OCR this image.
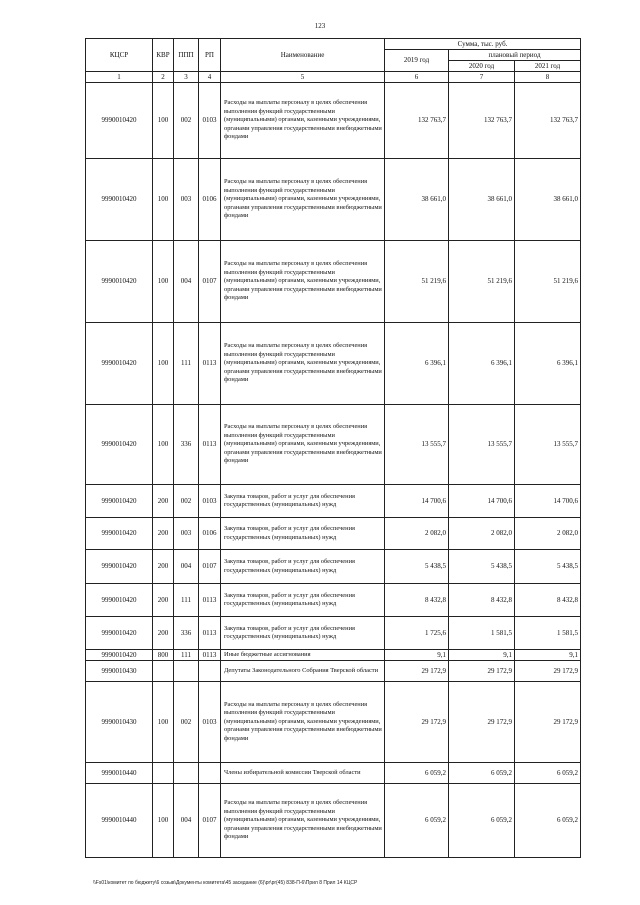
123
КЦСР	КВР	ППП	РП	Наименование	Сумма, тыс. руб.		
					2019 год	плановый период	
						2020 год	2021 год
1	2	3	4	5	6	7	8
9990010420	100	002	0103	Расходы на выплаты персоналу в целях обеспечения выполнения функций государственными (муниципальными) органами, казенными учреждениями, органами управления государственными внебюджетными фондами	132 763,7	132 763,7	132 763,7
9990010420	100	003	0106	Расходы на выплаты персоналу в целях обеспечения выполнения функций государственными (муниципальными) органами, казенными учреждениями, органами управления государственными внебюджетными фондами	38 661,0	38 661,0	38 661,0
9990010420	100	004	0107	Расходы на выплаты персоналу в целях обеспечения выполнения функций государственными (муниципальными) органами, казенными учреждениями, органами управления государственными внебюджетными фондами	51 219,6	51 219,6	51 219,6
9990010420	100	111	0113	Расходы на выплаты персоналу в целях обеспечения выполнения функций государственными (муниципальными) органами, казенными учреждениями, органами управления государственными внебюджетными фондами	6 396,1	6 396,1	6 396,1
9990010420	100	336	0113	Расходы на выплаты персоналу в целях обеспечения выполнения функций государственными (муниципальными) органами, казенными учреждениями, органами управления государственными внебюджетными фондами	13 555,7	13 555,7	13 555,7
9990010420	200	002	0103	Закупка товаров, работ и услуг для обеспечения государственных (муниципальных) нужд	14 700,6	14 700,6	14 700,6
9990010420	200	003	0106	Закупка товаров, работ и услуг для обеспечения государственных (муниципальных) нужд	2 082,0	2 082,0	2 082,0
9990010420	200	004	0107	Закупка товаров, работ и услуг для обеспечения государственных (муниципальных) нужд	5 438,5	5 438,5	5 438,5
9990010420	200	111	0113	Закупка товаров, работ и услуг для обеспечения государственных (муниципальных) нужд	8 432,8	8 432,8	8 432,8
9990010420	200	336	0113	Закупка товаров, работ и услуг для обеспечения государственных (муниципальных) нужд	1 725,6	1 581,5	1 581,5
9990010420	800	111	0113	Иные бюджетные ассигнования	9,1	9,1	9,1
9990010430				Депутаты Законодательного Собрания Тверской области	29 172,9	29 172,9	29 172,9
9990010430	100	002	0103	Расходы на выплаты персоналу в целях обеспечения выполнения функций государственными (муниципальными) органами, казенными учреждениями, органами управления государственными внебюджетными фондами	29 172,9	29 172,9	29 172,9
9990010440				Члены избирательной комиссии Тверской области	6 059,2	6 059,2	6 059,2
9990010440	100	004	0107	Расходы на выплаты персоналу в целях обеспечения выполнения функций государственными (муниципальными) органами, казенными учреждениями, органами управления государственными внебюджетными фондами	6 059,2	6 059,2	6 059,2
\\Fs01\комитет по бюджету\6 созыв\Документы комитета\45 заседание (6)\pr\pr(45) 838-П-6\Прил 8 Прил 14 КЦСР
